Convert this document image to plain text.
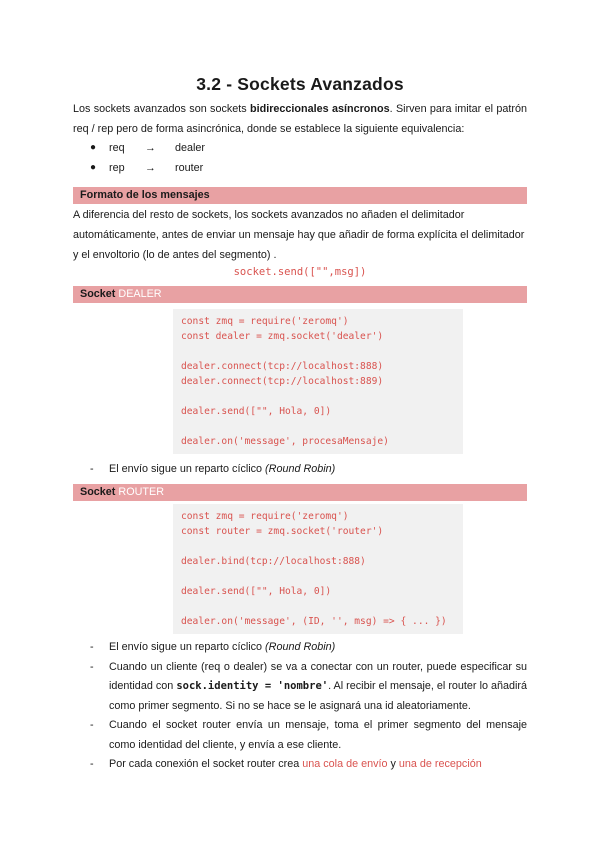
3.2 - Sockets Avanzados

Los sockets avanzados son sockets bidireccionales asíncronos. Sirven para imitar el patrón req / rep pero de forma asincrónica, donde se establece la siguiente equivalencia:

●	req	→	dealer
●	rep	→	router
Formato de los mensajes

A diferencia del resto de sockets, los sockets avanzados no añaden el delimitador automáticamente, antes de enviar un mensaje hay que añadir de forma explícita el delimitador y el envoltorio (lo de antes del segmento) .

socket.send(["",msg])
Socket DEALER
const zmq = require('zeromq')
const dealer = zmq.socket('dealer')
dealer.connect(tcp://localhost:888)
dealer.connect(tcp://localhost:889)
dealer.send(["", Hola, 0])
dealer.on('message', procesaMensaje)
-	El envío sigue un reparto cíclico (Round Robin)
Socket ROUTER
const zmq = require('zeromq')
const router = zmq.socket('router')
dealer.bind(tcp://localhost:888)
dealer.send(["", Hola, 0])
dealer.on('message', (ID, '', msg) => { ... })
-	El envío sigue un reparto cíclico (Round Robin)
-	Cuando un cliente (req o dealer) se va a conectar con un router, puede especificar su identidad con sock.identity = 'nombre'. Al recibir el mensaje, el router lo añadirá como primer segmento. Si no se hace se le asignará una id aleatoriamente.
-	Cuando el socket router envía un mensaje, toma el primer segmento del mensaje como identidad del cliente, y envía a ese cliente.
-	Por cada conexión el socket router crea una cola de envío y una de recepción
